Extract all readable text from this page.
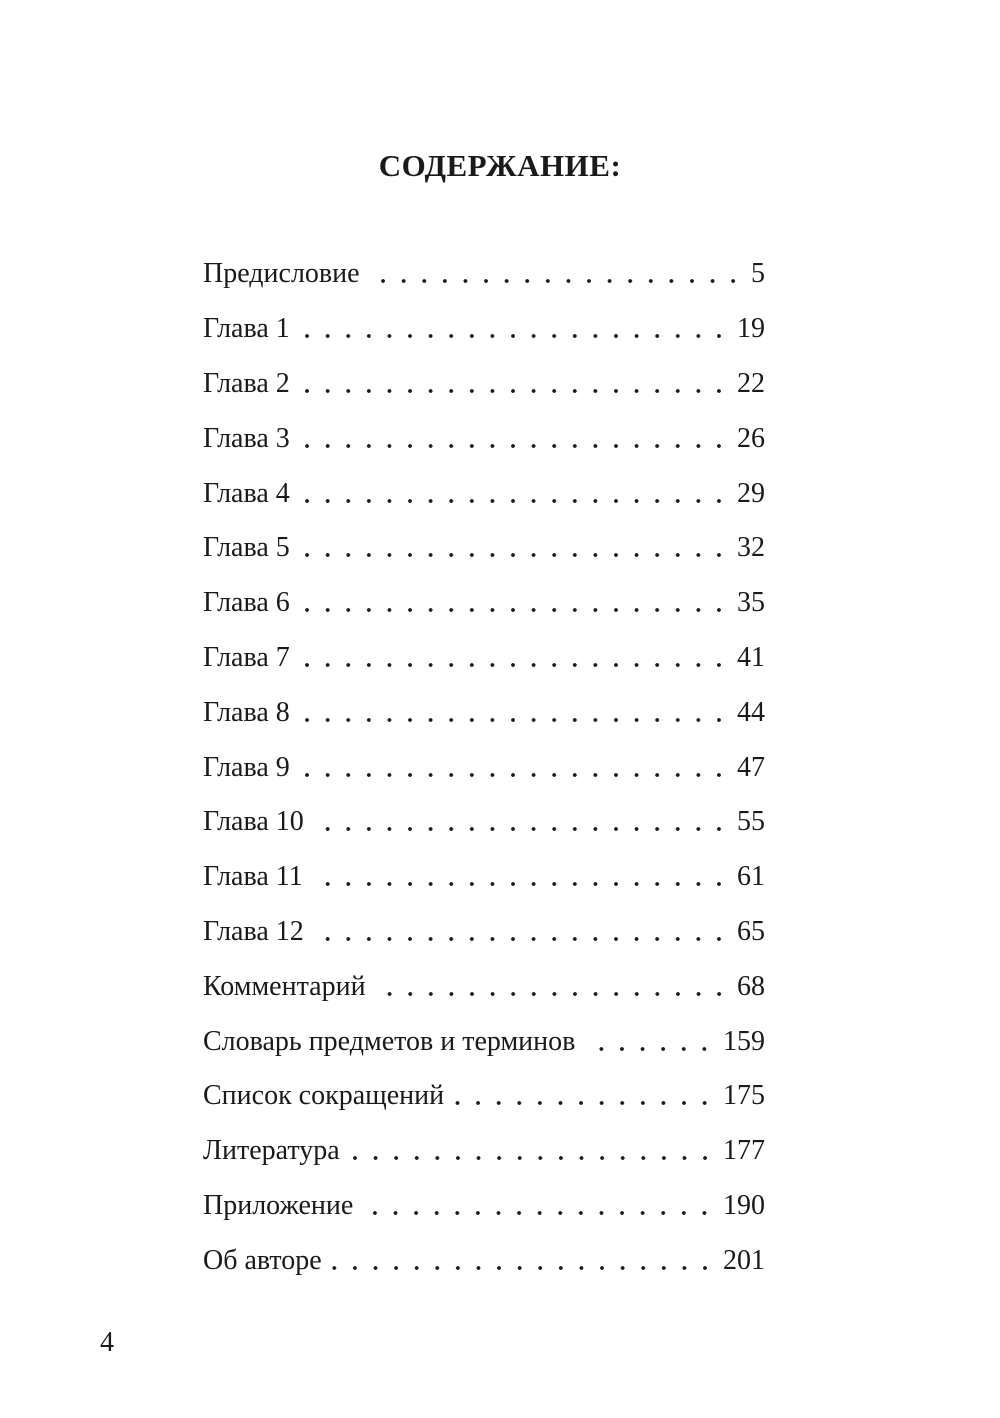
СОДЕРЖАНИЕ:
Предисловие	5
Глава 1	19
Глава 2	22
Глава 3	26
Глава 4	29
Глава 5	32
Глава 6	35
Глава 7	41
Глава 8	44
Глава 9	47
Глава 10	55
Глава 11	61
Глава 12	65
Комментарий	68
Словарь предметов и терминов	159
Список сокращений	175
Литература	177
Приложение	190
Об авторе	201
4
